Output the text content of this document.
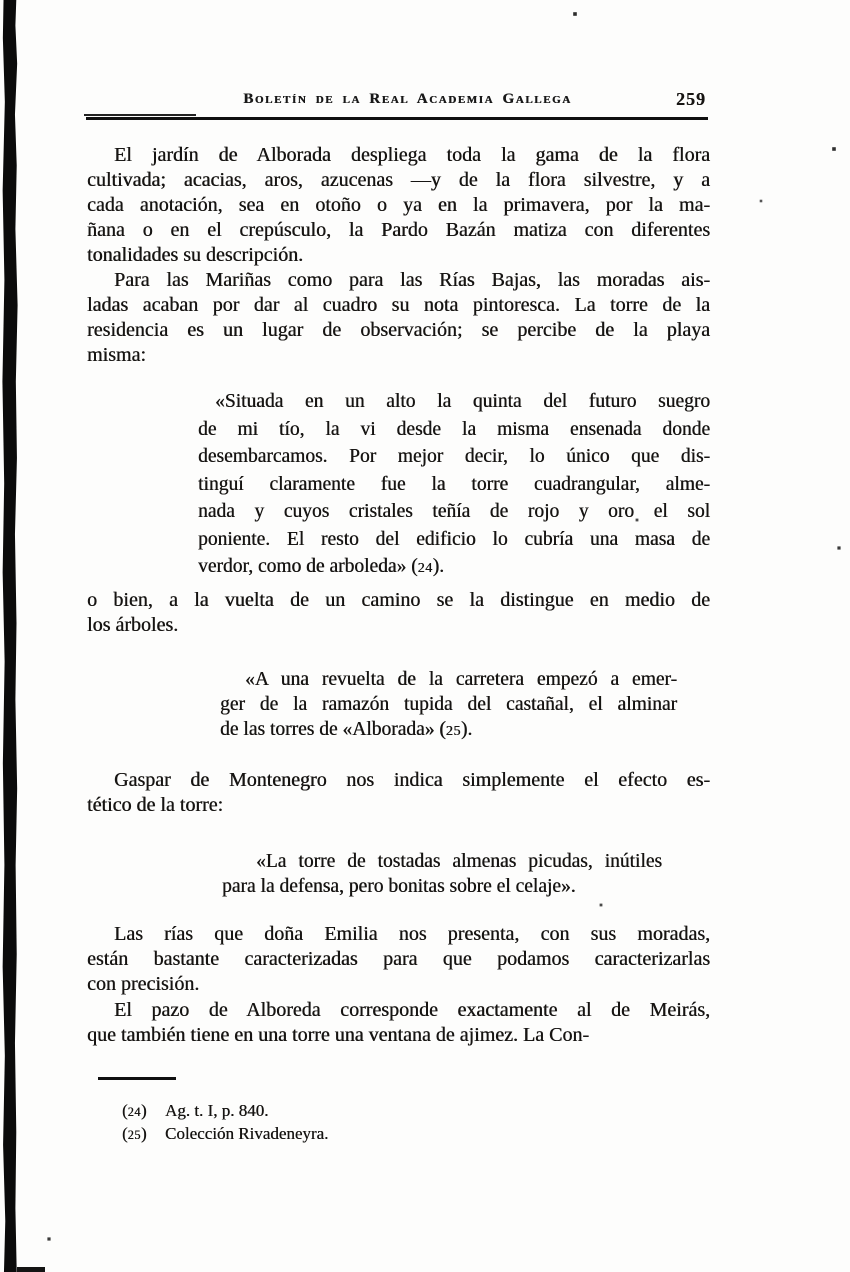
Boletín de la Real Academia Gallega	259
El jardín de Alborada despliega toda la gama de la flora
cultivada; acacias, aros, azucenas —y de la flora silvestre, y a
cada anotación, sea en otoño o ya en la primavera, por la ma-
ñana o en el crepúsculo, la Pardo Bazán matiza con diferentes
tonalidades su descripción.
Para las Mariñas como para las Rías Bajas, las moradas ais-
ladas acaban por dar al cuadro su nota pintoresca. La torre de la
residencia es un lugar de observación; se percibe de la playa
misma:
«Situada en un alto la quinta del futuro suegro
de mi tío, la vi desde la misma ensenada donde
desembarcamos. Por mejor decir, lo único que dis-
tinguí claramente fue la torre cuadrangular, alme-
nada y cuyos cristales teñía de rojo y oro el sol
poniente. El resto del edificio lo cubría una masa de
verdor, como de arboleda» (24).
o bien, a la vuelta de un camino se la distingue en medio de
los árboles.
«A una revuelta de la carretera empezó a emer-
ger de la ramazón tupida del castañal, el alminar
de las torres de «Alborada» (25).
Gaspar de Montenegro nos indica simplemente el efecto es-
tético de la torre:
«La torre de tostadas almenas picudas, inútiles
para la defensa, pero bonitas sobre el celaje».
Las rías que doña Emilia nos presenta, con sus moradas,
están bastante caracterizadas para que podamos caracterizarlas
con precisión.
El pazo de Alboreda corresponde exactamente al de Meirás,
que también tiene en una torre una ventana de ajimez. La Con-
(24) Ag. t. I, p. 840.
(25) Colección Rivadeneyra.
